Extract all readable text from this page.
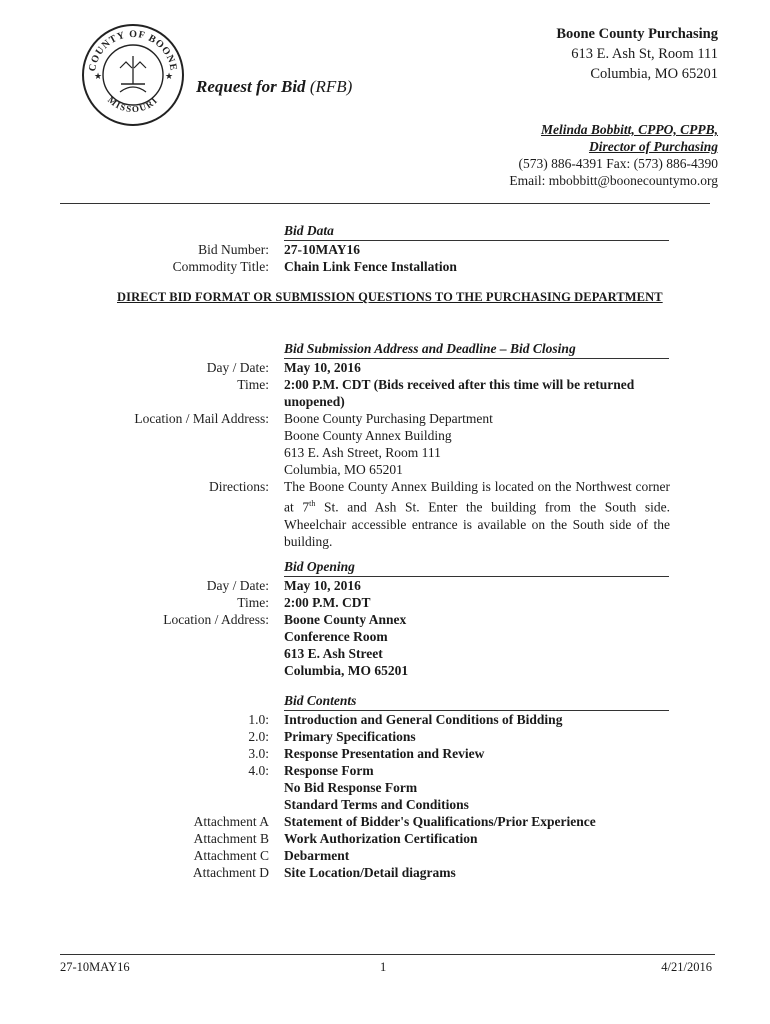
COUNTY OF BOONE
MISSOURI
★	★
Request for Bid (RFB)
Boone County Purchasing
613 E. Ash St, Room 111
Columbia, MO 65201
Melinda Bobbitt, CPPO, CPPB,
Director of Purchasing
(573) 886-4391 Fax: (573) 886-4390
Email: mbobbitt@boonecountymo.org
Bid Data
Bid Number: 27-10MAY16
Commodity Title: Chain Link Fence Installation
DIRECT BID FORMAT OR SUBMISSION QUESTIONS TO THE PURCHASING DEPARTMENT
Bid Submission Address and Deadline – Bid Closing
Day / Date: May 10, 2016
Time: 2:00 P.M. CDT (Bids received after this time will be returned unopened)
Location / Mail Address: Boone County Purchasing Department
Boone County Annex Building
613 E. Ash Street, Room 111
Columbia, MO 65201
Directions: The Boone County Annex Building is located on the Northwest corner at 7th St. and Ash St. Enter the building from the South side. Wheelchair accessible entrance is available on the South side of the building.
Bid Opening
Day / Date: May 10, 2016
Time: 2:00 P.M. CDT
Location / Address: Boone County Annex
Conference Room
613 E. Ash Street
Columbia, MO 65201
Bid Contents
1.0: Introduction and General Conditions of Bidding
2.0: Primary Specifications
3.0: Response Presentation and Review
4.0: Response Form
No Bid Response Form
Standard Terms and Conditions
Attachment A Statement of Bidder's Qualifications/Prior Experience
Attachment B Work Authorization Certification
Attachment C Debarment
Attachment D Site Location/Detail diagrams
27-10MAY16	1	4/21/2016
